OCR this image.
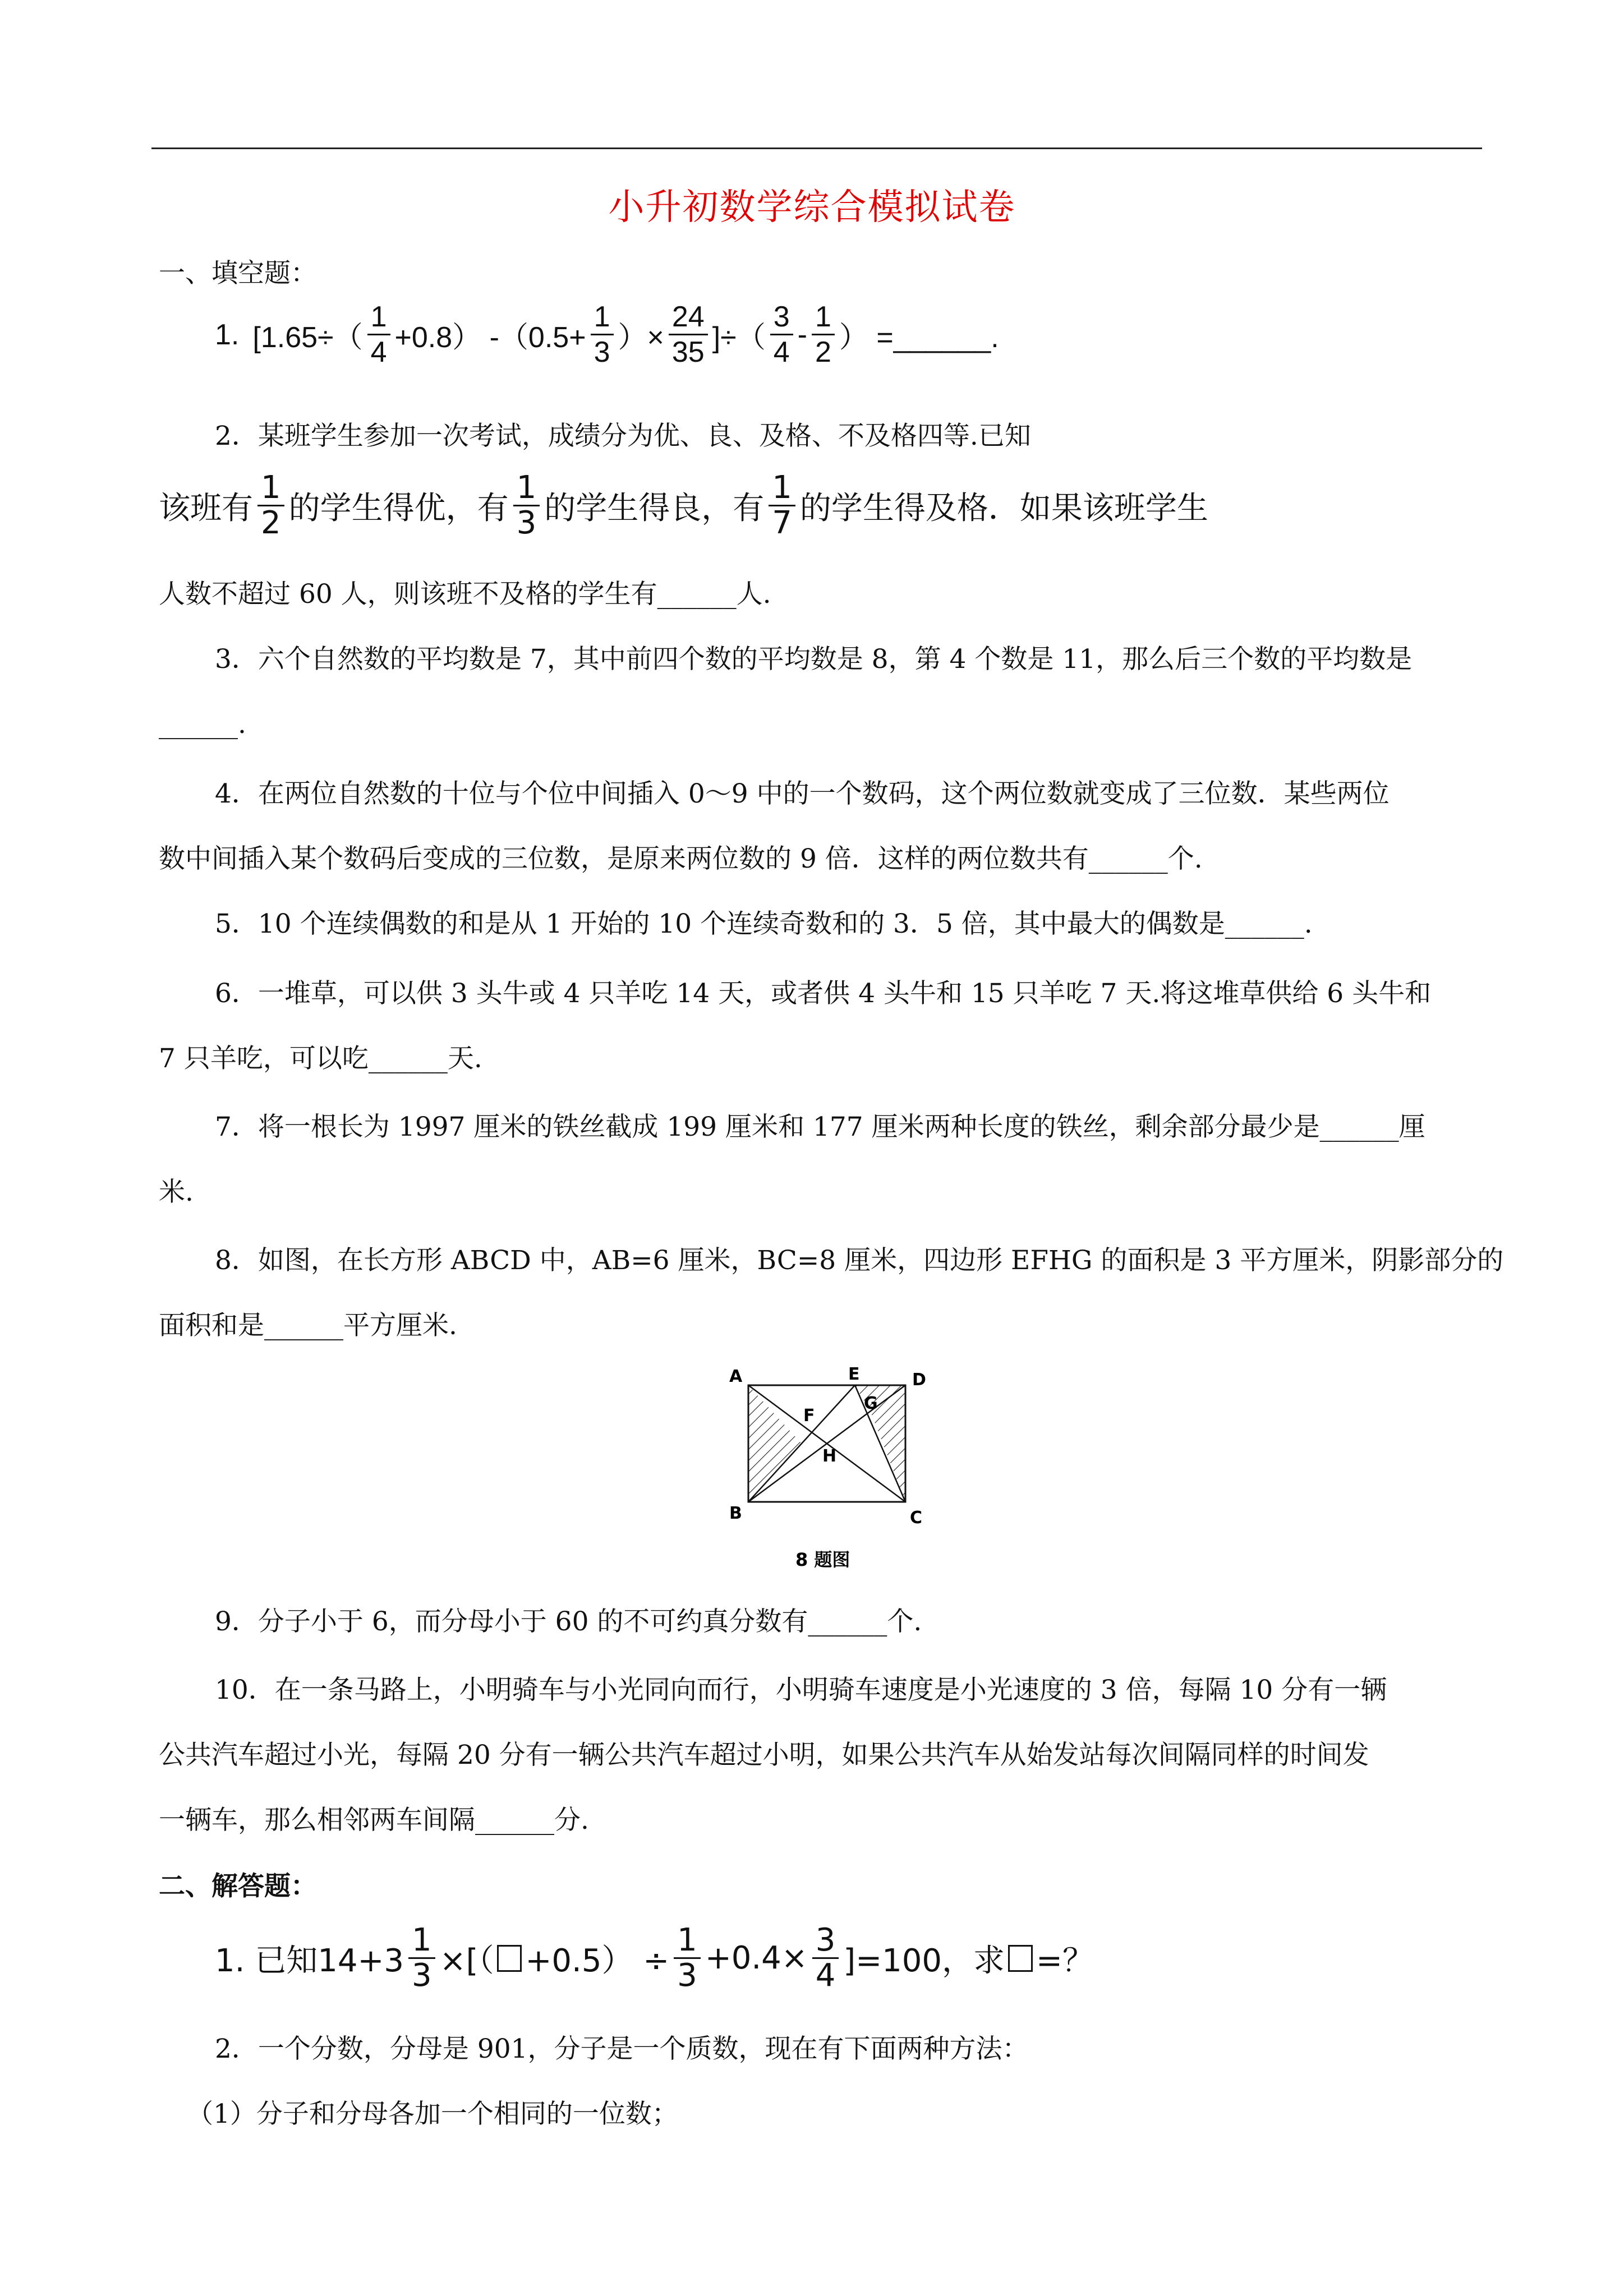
小升初数学综合模拟试卷
一、填空题：
1. [$1.65\div( \frac{1}{4} +0.8)$ $-(0.5+ \frac{1}{3}$ ）× $\frac{24}{35}$ ]÷（ $\frac{3}{4} - \frac{1}{2}$ ） =______.
2．某班学生参加一次考试，成绩分为优、良、及格、不及格四等.已知
该班有 $\frac{1}{2}$ 的学生得优，有 $\frac{1}{3}$ 的学生得良，有 $\frac{1}{7}$ 的学生得及格．如果该班学生
人数不超过 60 人，则该班不及格的学生有______人.
3．六个自然数的平均数是 7，其中前四个数的平均数是 8，第 4 个数是 11，那么后三个数的平均数是
______.
4．在两位自然数的十位与个位中间插入 0～9 中的一个数码，这个两位数就变成了三位数．某些两位
数中间插入某个数码后变成的三位数，是原来两位数的 9 倍．这样的两位数共有______个.
5．10 个连续偶数的和是从 1 开始的 10 个连续奇数和的 3．5 倍，其中最大的偶数是______.
6．一堆草，可以供 3 头牛或 4 只羊吃 14 天，或者供 4 头牛和 15 只羊吃 7 天.将这堆草供给 6 头牛和
7 只羊吃，可以吃______天.
7．将一根长为 1997 厘米的铁丝截成 199 厘米和 177 厘米两种长度的铁丝，剩余部分最少是______厘
米.
8．如图，在长方形 ABCD 中，AB=6 厘米，BC=8 厘米，四边形 EFHG 的面积是 3 平方厘米，阴影部分的
面积和是______平方厘米.
A	E	D
F
G
H
B	C
8 题图
9．分子小于 6，而分母小于 60 的不可约真分数有______个.
10．在一条马路上，小明骑车与小光同向而行，小明骑车速度是小光速度的 3 倍，每隔 10 分有一辆
公共汽车超过小光，每隔 20 分有一辆公共汽车超过小明，如果公共汽车从始发站每次间隔同样的时间发
一辆车，那么相邻两车间隔______分.
二、解答题：
1. 已知$14+3 \frac{1}{3}$ ×[（ $+0.5) \div \frac{1}{3} +0.4\times \frac{3}{4} ]=100$，求 =？
2．一个分数，分母是 901，分子是一个质数，现在有下面两种方法：
（1）分子和分母各加一个相同的一位数；
